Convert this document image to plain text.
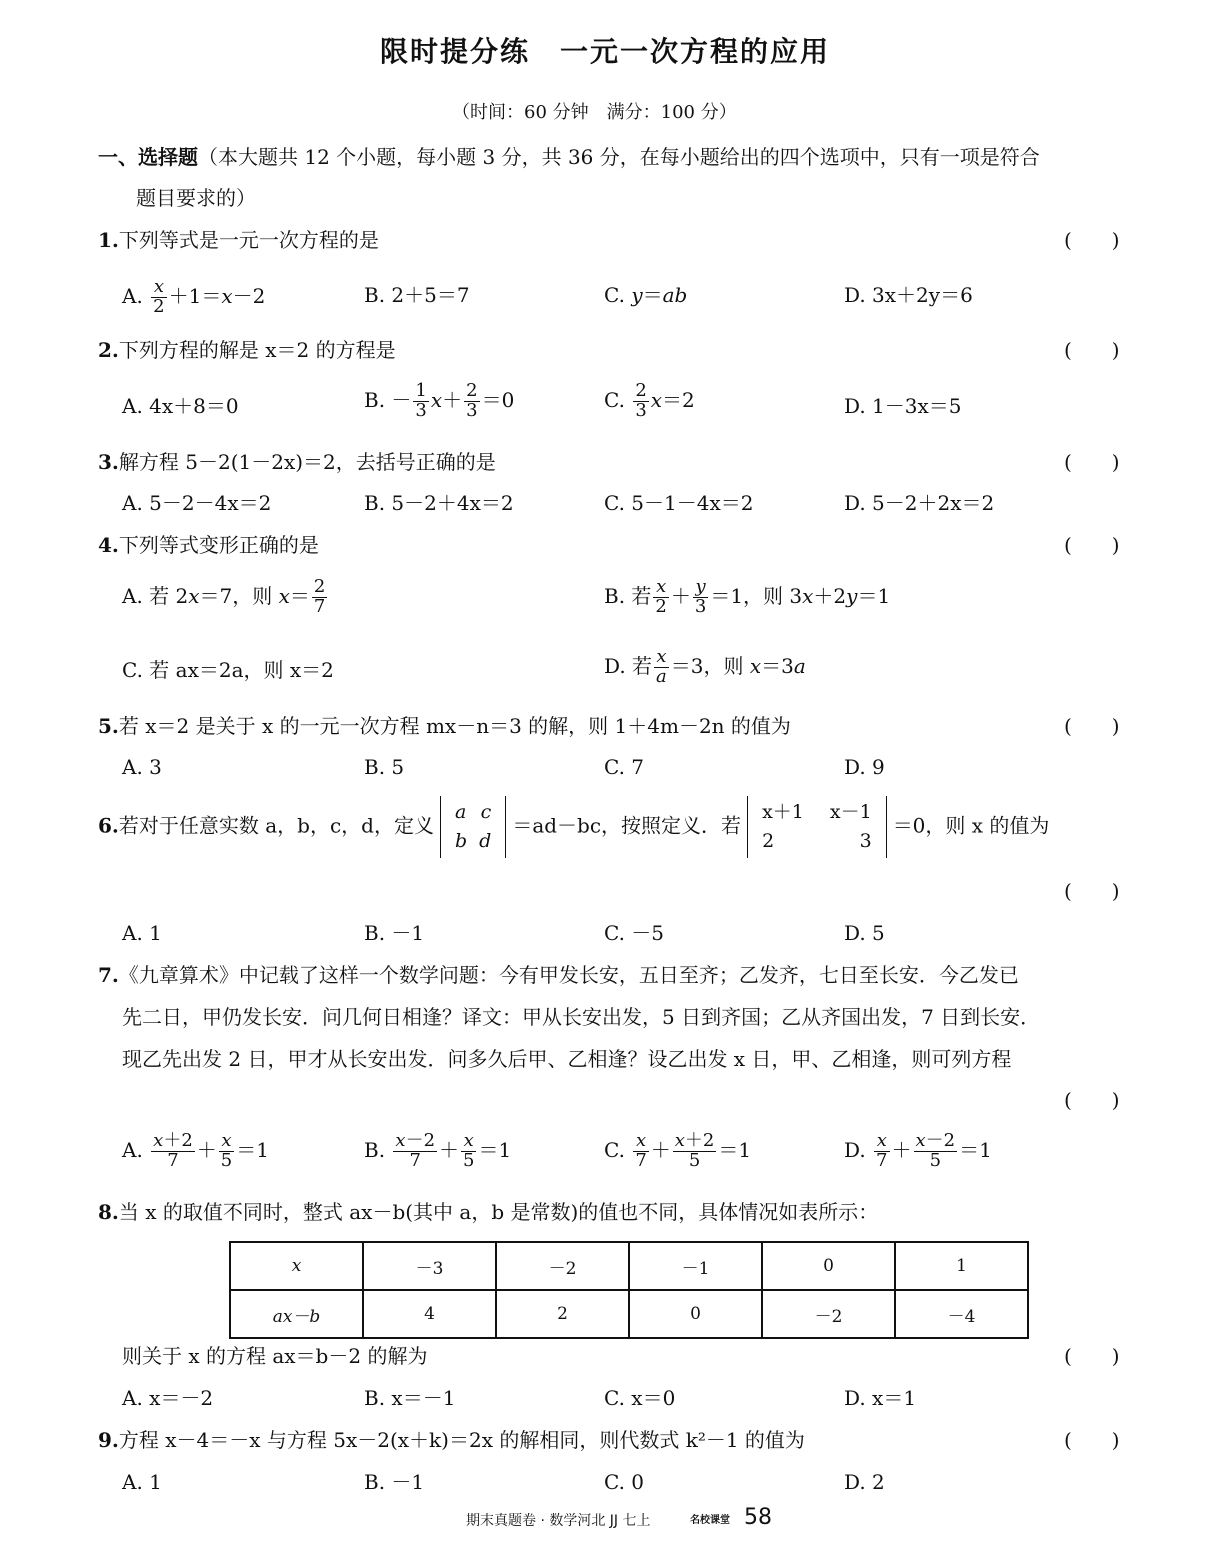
限时提分练　一元一次方程的应用
（时间：60 分钟　满分：100 分）
一、选择题（本大题共 12 个小题，每小题 3 分，共 36 分，在每小题给出的四个选项中，只有一项是符合
题目要求的）
1.下列等式是一元一次方程的是	(　　)
A. $\frac{x}{2} +1=x-2$	B. 2＋5＝7	C. y＝ab	D. 3x＋2y＝6
2.下列方程的解是 x＝2 的方程是	(　　)
A. 4x＋8＝0	B. － $\frac{1}{3} x+ \frac{2}{3} =0$	C. $\frac{2}{3} x=2$	D. 1－3x＝5
3.解方程 5－2(1－2x)＝2，去括号正确的是	(　　)
A. 5－2－4x＝2	B. 5－2＋4x＝2	C. 5－1－4x＝2	D. 5－2＋2x＝2
4.下列等式变形正确的是	(　　)
A. 若 2x＝7，则 $x= \frac{2}{7}$	B. 若 $\frac{x}{2} + \frac{y}{3} =1$，则 3x＋2y＝1
C. 若 ax＝2a，则 x＝2	D. 若 $\frac{x}{a} =3$，则 x＝3a
5.若 x＝2 是关于 x 的一元一次方程 mx－n＝3 的解，则 1＋4m－2n 的值为	(　　)
A. 3	B. 5	C. 7	D. 9
6.若对于任意实数 a，b，c，d，定义
a	c
b	d
＝ad－bc，按照定义．若
x＋1	x－1
2	3
＝0，则 x 的值为
(　　)
A. 1	B. －1	C. －5	D. 5
7.《九章算术》中记载了这样一个数学问题：今有甲发长安，五日至齐；乙发齐，七日至长安．今乙发已
先二日，甲仍发长安．问几何日相逢？译文：甲从长安出发，5 日到齐国；乙从齐国出发，7 日到长安．
现乙先出发 2 日，甲才从长安出发．问多久后甲、乙相逢？设乙出发 x 日，甲、乙相逢，则可列方程
(　　)
A. $\frac{x+2}{7} + \frac{x}{5} =1$	B. $\frac{x-2}{7} + \frac{x}{5} =1$	C. $\frac{x}{7} + \frac{x+2}{5} =1$	D. $\frac{x}{7} + \frac{x-2}{5} =1$
8.当 x 的取值不同时，整式 ax－b(其中 a，b 是常数)的值也不同，具体情况如表所示：
x	－3	－2	－1	0	1
ax－b	4	2	0	－2	－4
则关于 x 的方程 ax＝b－2 的解为	(　　)
A. x＝－2	B. x＝－1	C. x＝0	D. x＝1
9.方程 x－4＝－x 与方程 5x－2(x＋k)＝2x 的解相同，则代数式 k²－1 的值为	(　　)
A. 1	B. －1	C. 0	D. 2
期末真题卷 · 数学河北 JJ 七上	名校课堂 58
